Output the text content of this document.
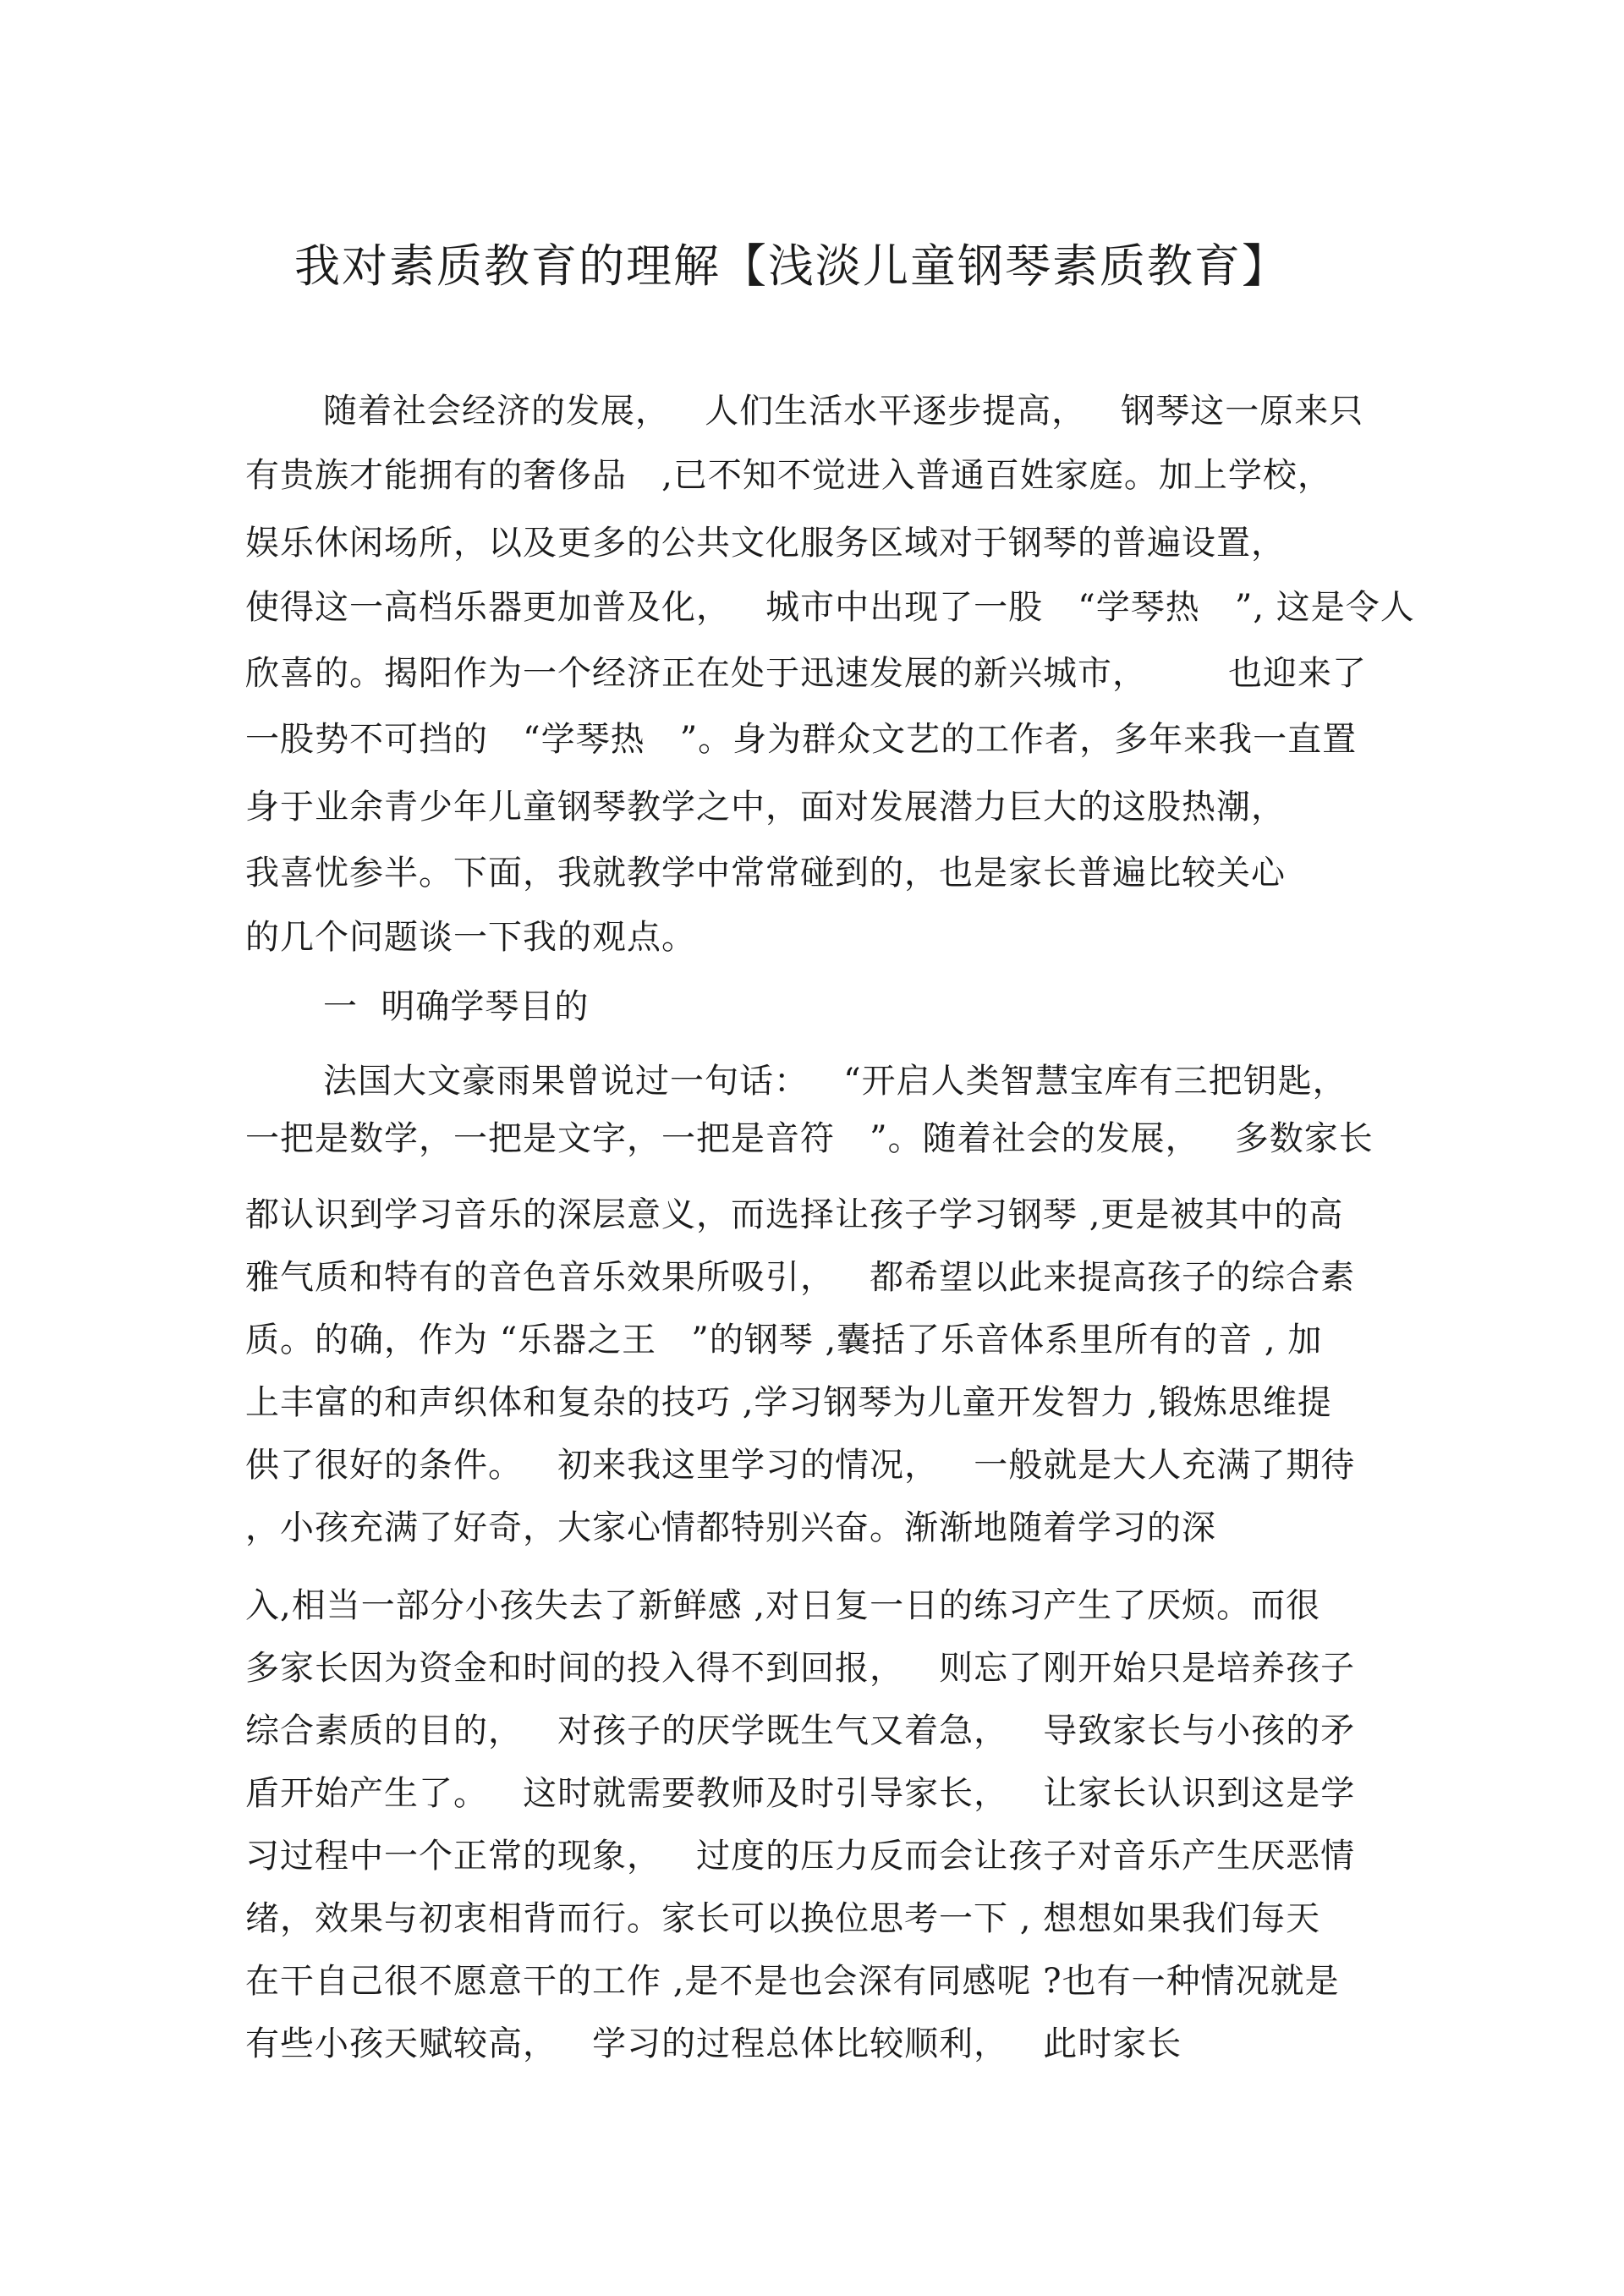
我对素质教育的理解【浅淡儿童钢琴素质教育】
随着社会经济的发展，   人们生活水平逐步提高，   钢琴这一原来只
有贵族才能拥有的奢侈品   ,已不知不觉进入普通百姓家庭。加上学校，
娱乐休闲场所，以及更多的公共文化服务区域对于钢琴的普遍设置，
使得这一高档乐器更加普及化，   城市中出现了一股   “学琴热   ”, 这是令人
欣喜的。揭阳作为一个经济正在处于迅速发展的新兴城市，       也迎来了
一股势不可挡的   “学琴热   ”。身为群众文艺的工作者，多年来我一直置
身于业余青少年儿童钢琴教学之中，面对发展潜力巨大的这股热潮，
我喜忧参半。下面，我就教学中常常碰到的，也是家长普遍比较关心
的几个问题谈一下我的观点。
一  明确学琴目的
法国大文豪雨果曾说过一句话：   “开启人类智慧宝库有三把钥匙，
一把是数学，一把是文字，一把是音符   ”。随着社会的发展，   多数家长
都认识到学习音乐的深层意义，而选择让孩子学习钢琴 ,更是被其中的高
雅气质和特有的音色音乐效果所吸引，   都希望以此来提高孩子的综合素
质。的确，作为 “乐器之王   ”的钢琴 ,囊括了乐音体系里所有的音 , 加
上丰富的和声织体和复杂的技巧 ,学习钢琴为儿童开发智力 ,锻炼思维提
供了很好的条件。   初来我这里学习的情况，   一般就是大人充满了期待
，小孩充满了好奇，大家心情都特别兴奋。渐渐地随着学习的深
入,相当一部分小孩失去了新鲜感 ,对日复一日的练习产生了厌烦。而很
多家长因为资金和时间的投入得不到回报，   则忘了刚开始只是培养孩子
综合素质的目的，   对孩子的厌学既生气又着急，   导致家长与小孩的矛
盾开始产生了。   这时就需要教师及时引导家长，   让家长认识到这是学
习过程中一个正常的现象，   过度的压力反而会让孩子对音乐产生厌恶情
绪，效果与初衷相背而行。家长可以换位思考一下 , 想想如果我们每天
在干自己很不愿意干的工作 ,是不是也会深有同感呢 ?也有一种情况就是
有些小孩天赋较高，   学习的过程总体比较顺利，   此时家长
